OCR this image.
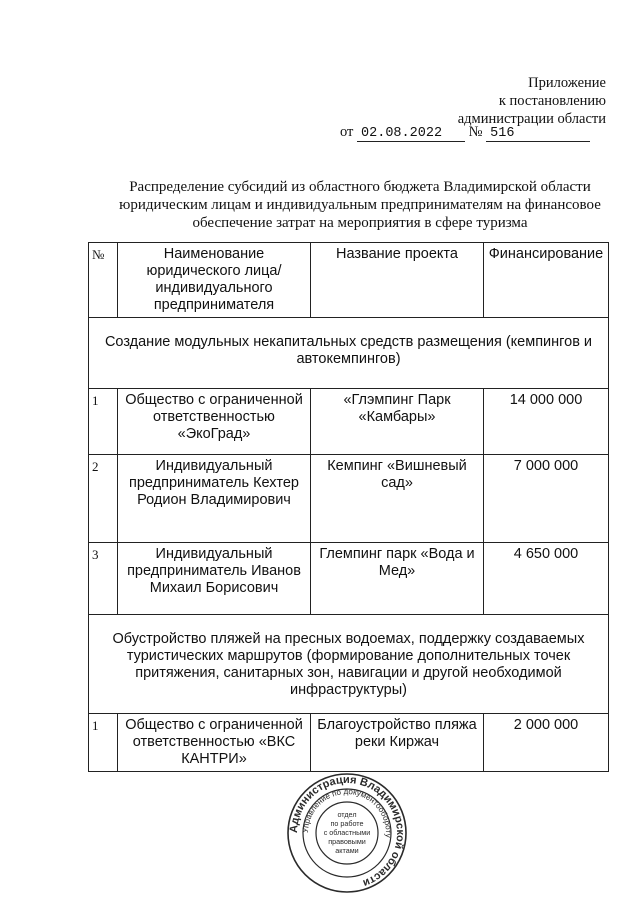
Приложение
к постановлению
администрации области
от 02.08.2022 № 516
Распределение субсидий из областного бюджета Владимирской области юридическим лицам и индивидуальным предпринимателям на финансовое обеспечение затрат на мероприятия в сфере туризма
№	Наименование юридического лица/индивидуального предпринимателя	Название проекта	Финансирование
Создание модульных некапитальных средств размещения (кемпингов и автокемпингов)			
1	Общество с ограниченной ответственностью «ЭкоГрад»	«Глэмпинг Парк «Камбары»	14 000 000
2	Индивидуальный предприниматель Кехтер Родион Владимирович	Кемпинг «Вишневый сад»	7 000 000
3	Индивидуальный предприниматель Иванов Михаил Борисович	Глемпинг парк «Вода и Мед»	4 650 000
Обустройство пляжей на пресных водоемах, поддержку создаваемых туристических маршрутов (формирование дополнительных точек притяжения, санитарных зон, навигации и другой необходимой инфраструктуры)			
1	Общество с ограниченной ответственностью «ВКС КАНТРИ»	Благоустройство пляжа реки Киржач	2 000 000
Администрация Владимирской области
Управление по документообороту
отдел
по работе
с областными
правовыми
актами
